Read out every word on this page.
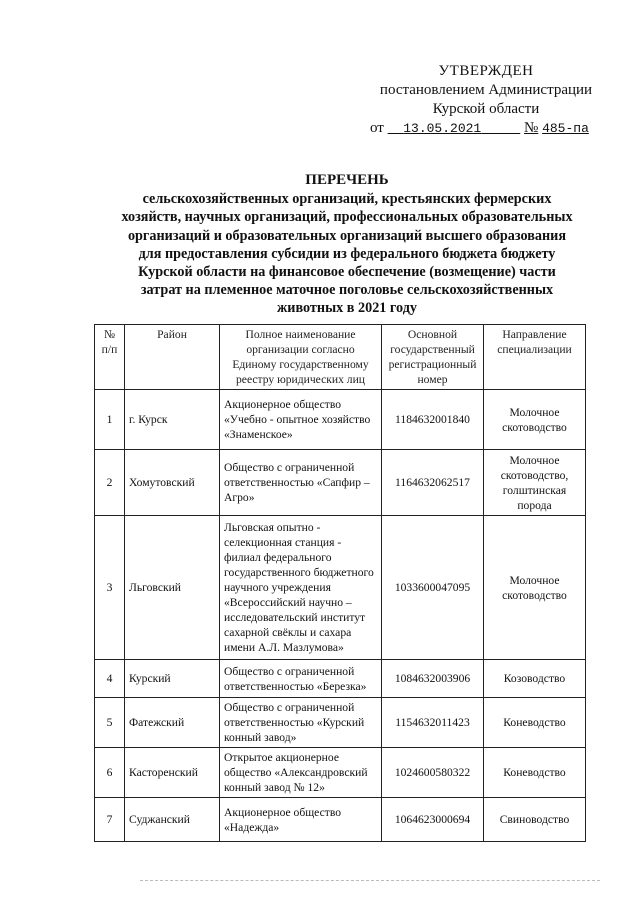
УТВЕРЖДЕН
постановлением Администрации
Курской области
от 13.05.2021	№ 485-па
ПЕРЕЧЕНЬ
сельскохозяйственных организаций, крестьянских фермерских
хозяйств, научных организаций, профессиональных образовательных
организаций и образовательных организаций высшего образования
для предоставления субсидии из федерального бюджета бюджету
Курской области на финансовое обеспечение (возмещение) части
затрат на племенное маточное поголовье сельскохозяйственных
животных в 2021 году
№ п/п	Район	Полное наименование организации согласно Единому государственному реестру юридических лиц	Основной государственный регистрационный номер	Направление специализации
1	г. Курск	Акционерное общество «Учебно - опытное хозяйство «Знаменское»	1184632001840	Молочное скотоводство
2	Хомутовский	Общество с ограниченной ответственностью «Сапфир – Агро»	1164632062517	Молочное скотоводство, голштинская порода
3	Льговский	Льговская опытно - селекционная станция - филиал федерального государственного бюджетного научного учреждения «Всероссийский научно – исследовательский институт сахарной свёклы и сахара имени А.Л. Мазлумова»	1033600047095	Молочное скотоводство
4	Курский	Общество с ограниченной ответственностью «Березка»	1084632003906	Козоводство
5	Фатежский	Общество с ограниченной ответственностью «Курский конный завод»	1154632011423	Коневодство
6	Касторенский	Открытое акционерное общество «Александровский конный завод № 12»	1024600580322	Коневодство
7	Суджанский	Акционерное общество «Надежда»	1064623000694	Свиноводство
